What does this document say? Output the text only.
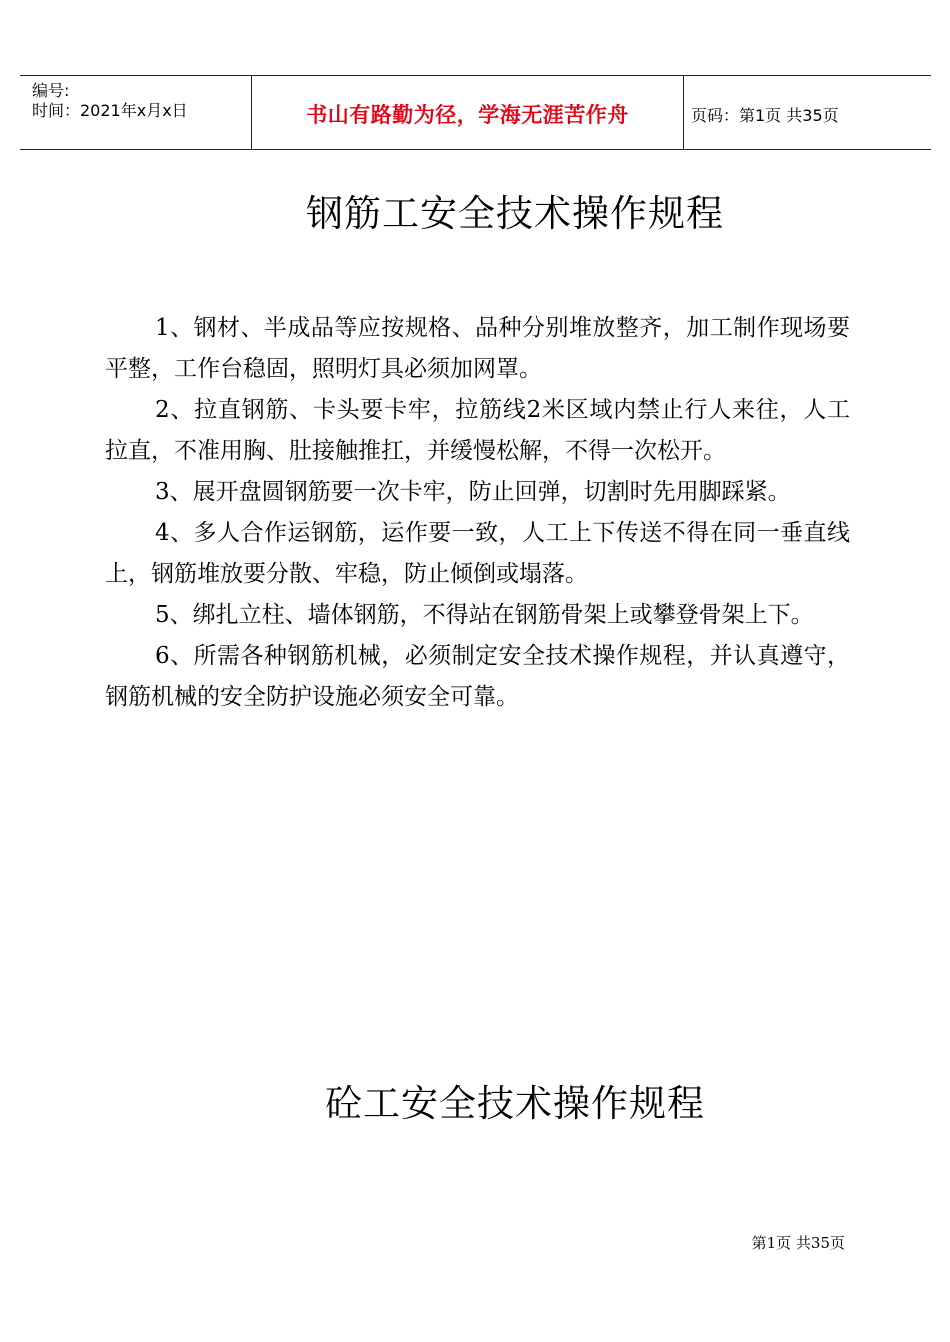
编号:
时间：2021年x月x日	书山有路勤为径，学海无涯苦作舟	页码：第1页 共35页
钢筋工安全技术操作规程

1、钢材、半成品等应按规格、品种分别堆放整齐，加工制作现场要平整，工作台稳固，照明灯具必须加网罩。

2、拉直钢筋、卡头要卡牢，拉筋线2米区域内禁止行人来往，人工拉直，不准用胸、肚接触推扛，并缓慢松解，不得一次松开。

3、展开盘圆钢筋要一次卡牢，防止回弹，切割时先用脚踩紧。

4、多人合作运钢筋，运作要一致，人工上下传送不得在同一垂直线上，钢筋堆放要分散、牢稳，防止倾倒或塌落。

5、绑扎立柱、墙体钢筋，不得站在钢筋骨架上或攀登骨架上下。

6、所需各种钢筋机械，必须制定安全技术操作规程，并认真遵守，钢筋机械的安全防护设施必须安全可靠。

砼工安全技术操作规程
第1页 共35页
